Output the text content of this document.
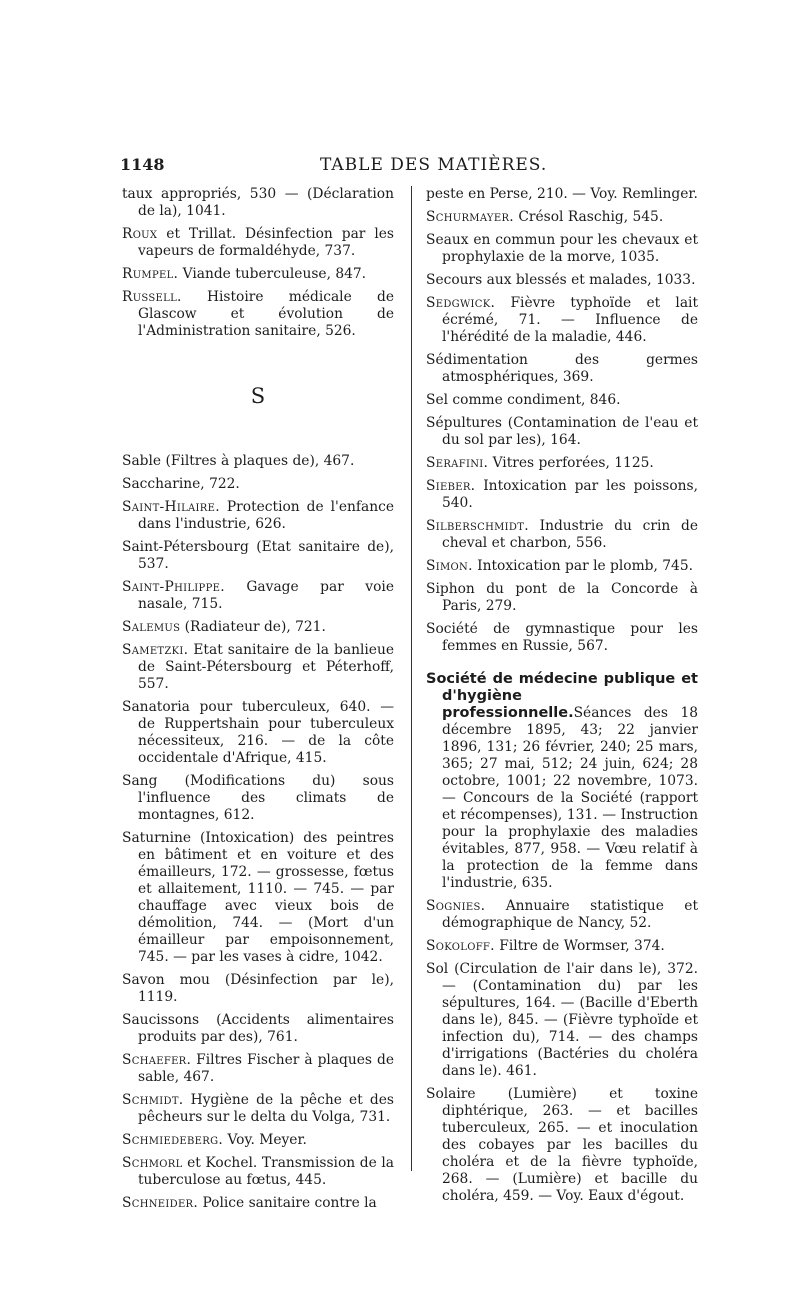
1148	TABLE DES MATIÈRES.
taux appropriés, 530 — (Déclaration de la), 1041.
Roux et Trillat. Désinfection par les vapeurs de formaldéhyde, 737.
Rumpel. Viande tuberculeuse, 847.
Russell. Histoire médicale de Glascow et évolution de l'Administration sanitaire, 526.
S
Sable (Filtres à plaques de), 467.
Saccharine, 722.
Saint-Hilaire. Protection de l'enfance dans l'industrie, 626.
Saint-Pétersbourg (Etat sanitaire de), 537.
Saint-Philippe. Gavage par voie nasale, 715.
Salemus (Radiateur de), 721.
Sametzki. Etat sanitaire de la banlieue de Saint-Pétersbourg et Péterhoff, 557.
Sanatoria pour tuberculeux, 640. — de Ruppertshain pour tuberculeux nécessiteux, 216. — de la côte occidentale d'Afrique, 415.
Sang (Modifications du) sous l'influence des climats de montagnes, 612.
Saturnine (Intoxication) des peintres en bâtiment et en voiture et des émailleurs, 172. — grossesse, fœtus et allaitement, 1110. — 745. — par chauffage avec vieux bois de démolition, 744. — (Mort d'un émailleur par empoisonnement, 745. — par les vases à cidre, 1042.
Savon mou (Désinfection par le), 1119.
Saucissons (Accidents alimentaires produits par des), 761.
Schaefer. Filtres Fischer à plaques de sable, 467.
Schmidt. Hygiène de la pêche et des pêcheurs sur le delta du Volga, 731.
Schmiedeberg. Voy. Meyer.
Schmorl et Kochel. Transmission de la tuberculose au fœtus, 445.
Schneider. Police sanitaire contre la
peste en Perse, 210. — Voy. Remlinger.
Schurmayer. Crésol Raschig, 545.
Seaux en commun pour les chevaux et prophylaxie de la morve, 1035.
Secours aux blessés et malades, 1033.
Sedgwick. Fièvre typhoïde et lait écrémé, 71. — Influence de l'hérédité de la maladie, 446.
Sédimentation des germes atmosphériques, 369.
Sel comme condiment, 846.
Sépultures (Contamination de l'eau et du sol par les), 164.
Serafini. Vitres perforées, 1125.
Sieber. Intoxication par les poissons, 540.
Silberschmidt. Industrie du crin de cheval et charbon, 556.
Simon. Intoxication par le plomb, 745.
Siphon du pont de la Concorde à Paris, 279.
Société de gymnastique pour les femmes en Russie, 567.
Société de médecine publique et d'hygiène professionnelle.Séances des 18 décembre 1895, 43; 22 janvier 1896, 131; 26 février, 240; 25 mars, 365; 27 mai, 512; 24 juin, 624; 28 octobre, 1001; 22 novembre, 1073. — Concours de la Société (rapport et récompenses), 131. — Instruction pour la prophylaxie des maladies évitables, 877, 958. — Vœu relatif à la protection de la femme dans l'industrie, 635.
Sognies. Annuaire statistique et démographique de Nancy, 52.
Sokoloff. Filtre de Wormser, 374.
Sol (Circulation de l'air dans le), 372. — (Contamination du) par les sépultures, 164. — (Bacille d'Eberth dans le), 845. — (Fièvre typhoïde et infection du), 714. — des champs d'irrigations (Bactéries du choléra dans le). 461.
Solaire (Lumière) et toxine diphtérique, 263. — et bacilles tuberculeux, 265. — et inoculation des cobayes par les bacilles du choléra et de la fièvre typhoïde, 268. — (Lumière) et bacille du choléra, 459. — Voy. Eaux d'égout.
